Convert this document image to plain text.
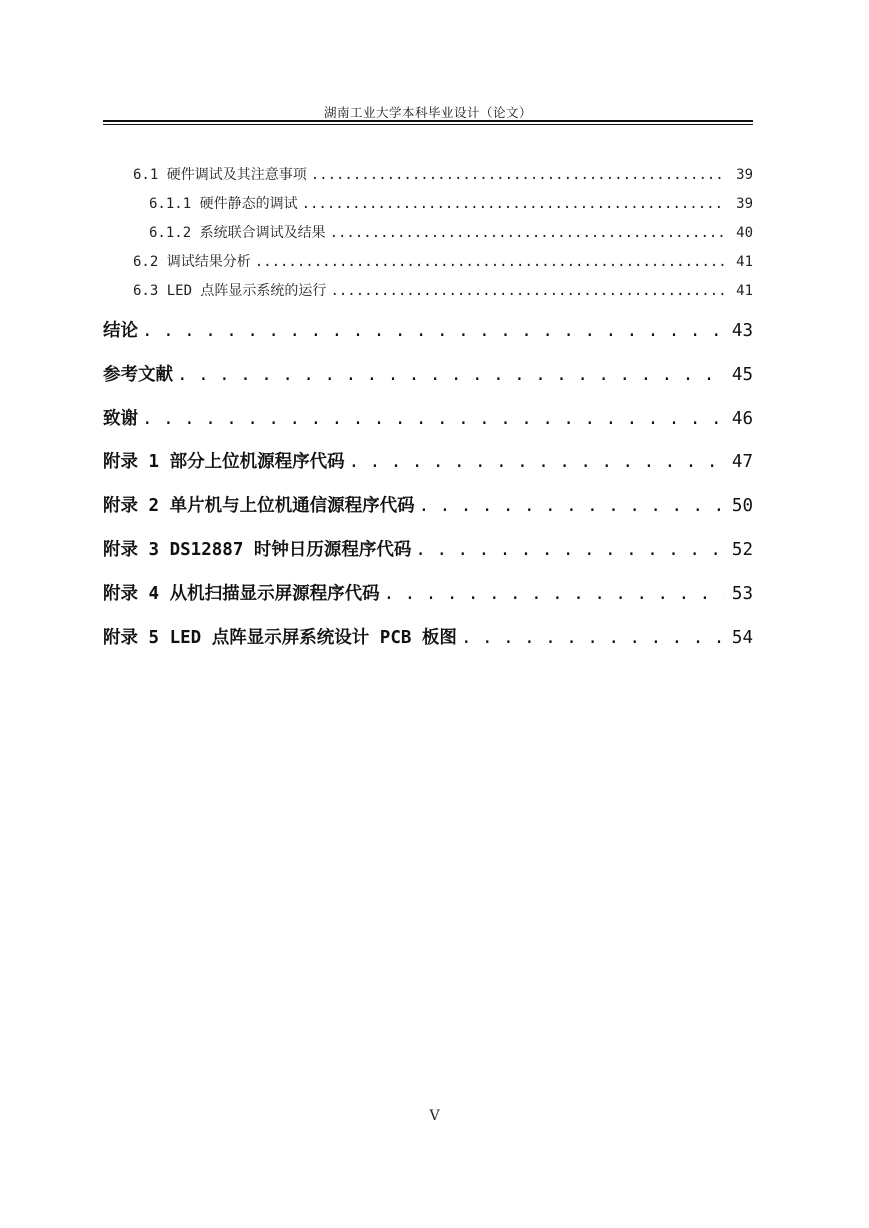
湖南工业大学本科毕业设计（论文）
6.1 硬件调试及其注意事项 .....	39
6.1.1 硬件静态的调试 .....	39
6.1.2 系统联合调试及结果 .....	40
6.2 调试结果分析 .....	41
6.3 LED 点阵显示系统的运行 .....	41
结论 . . .	43
参考文献 . . .	45
致谢 . . .	46
附录 1 部分上位机源程序代码 . . .	47
附录 2 单片机与上位机通信源程序代码 . . .	50
附录 3 DS12887 时钟日历源程序代码 . . .	52
附录 4 从机扫描显示屏源程序代码 . . .	53
附录 5 LED 点阵显示屏系统设计 PCB 板图 . . .	54
V
